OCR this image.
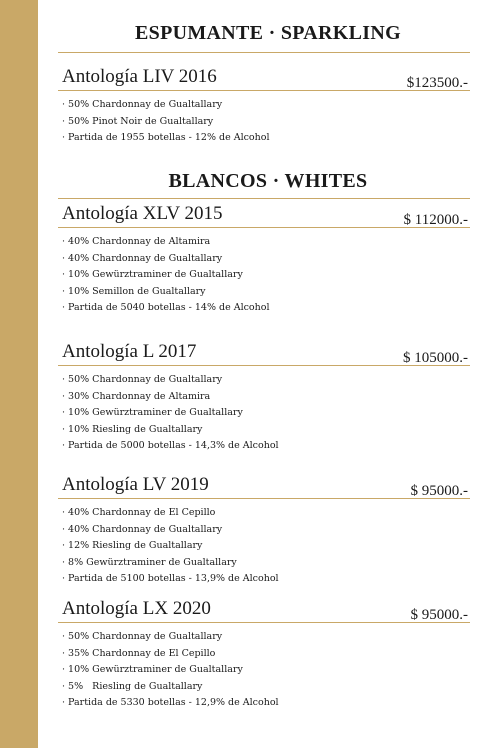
ESPUMANTE · SPARKLING
Antología LIV 2016	$123500.-
· 50% Chardonnay de Gualtallary
· 50% Pinot Noir de Gualtallary
· Partida de 1955 botellas - 12% de Alcohol
BLANCOS · WHITES
Antología XLV 2015	$ 112000.-
· 40% Chardonnay de Altamira
· 40% Chardonnay de Gualtallary
· 10% Gewürztraminer de Gualtallary
· 10% Semillon de Gualtallary
· Partida de 5040 botellas - 14% de Alcohol
Antología L 2017	$ 105000.-
· 50% Chardonnay de Gualtallary
· 30% Chardonnay de Altamira
· 10% Gewürztraminer de Gualtallary
· 10% Riesling de Gualtallary
· Partida de 5000 botellas - 14,3% de Alcohol
Antología LV 2019	$ 95000.-
· 40% Chardonnay de El Cepillo
· 40% Chardonnay de Gualtallary
· 12% Riesling de Gualtallary
· 8% Gewürztraminer de Gualtallary
· Partida de 5100 botellas - 13,9% de Alcohol
Antología LX 2020	$ 95000.-
· 50% Chardonnay de Gualtallary
· 35% Chardonnay de El Cepillo
· 10% Gewürztraminer de Gualtallary
· 5%   Riesling de Gualtallary
· Partida de 5330 botellas - 12,9% de Alcohol
